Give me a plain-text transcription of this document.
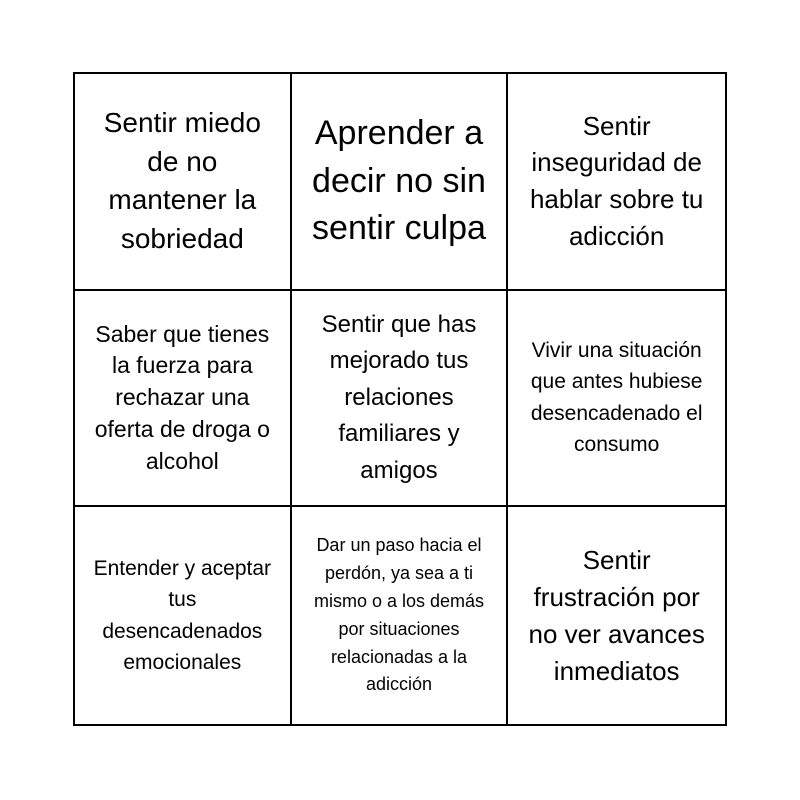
Sentir miedo de no mantener la sobriedad
Aprender a decir no sin sentir culpa
Sentir inseguridad de hablar sobre tu adicción
Saber que tienes la fuerza para rechazar una oferta de droga o alcohol
Sentir que has mejorado tus relaciones familiares y amigos
Vivir una situación que antes hubiese desencadenado el consumo
Entender y aceptar tus desencadenados emocionales
Dar un paso hacia el perdón, ya sea a ti mismo o a los demás por situaciones relacionadas a la adicción
Sentir frustración por no ver avances inmediatos
